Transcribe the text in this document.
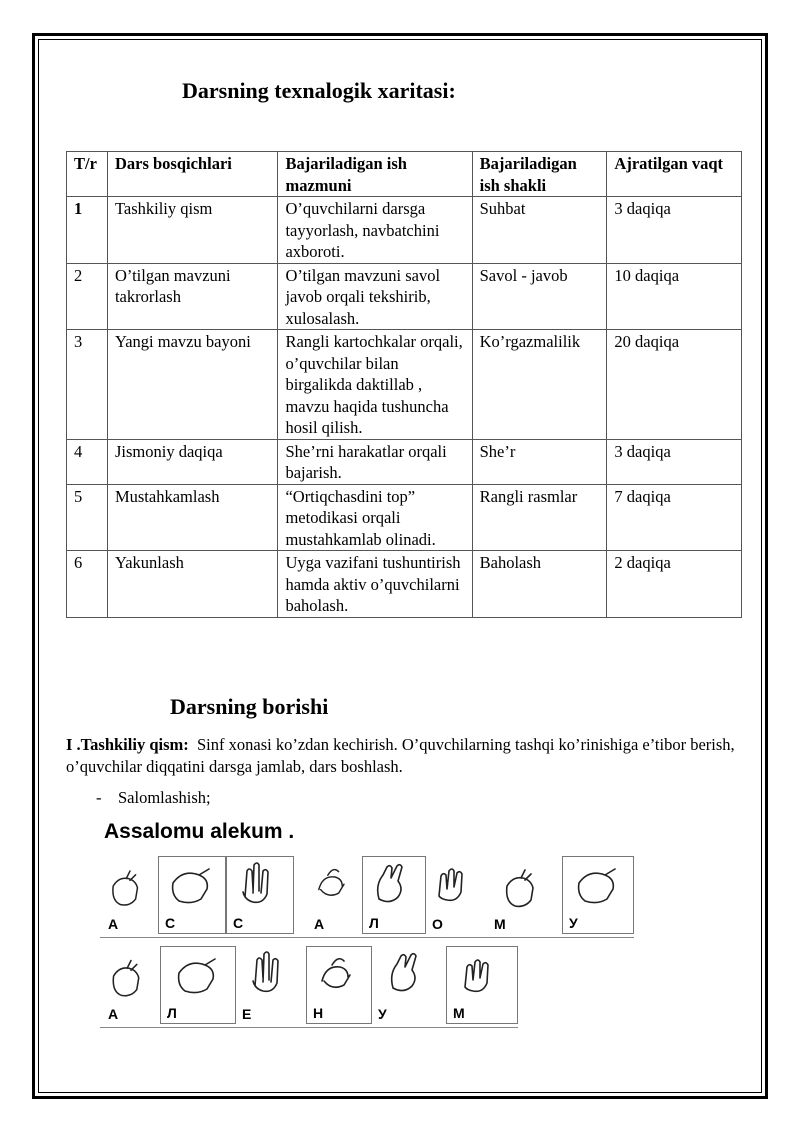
Darsning texnalogik xaritasi:
T/r	Dars bosqichlari	Bajariladigan ish mazmuni	Bajariladigan ish shakli	Ajratilgan vaqt
1	Tashkiliy qism	O’quvchilarni darsga tayyorlash, navbatchini axboroti.	Suhbat	3 daqiqa
2	O’tilgan mavzuni takrorlash	O’tilgan mavzuni savol javob orqali tekshirib, xulosalash.	Savol - javob	10 daqiqa
3	Yangi mavzu bayoni	Rangli kartochkalar orqali, o’quvchilar bilan birgalikda daktillab , mavzu haqida tushuncha hosil qilish.	Ko’rgazmalilik	20 daqiqa
4	Jismoniy daqiqa	She’rni harakatlar orqali bajarish.	She’r	3 daqiqa
5	Mustahkamlash	“Ortiqchasdini top” metodikasi orqali mustahkamlab olinadi.	Rangli rasmlar	7 daqiqa
6	Yakunlash	Uyga vazifani tushuntirish hamda aktiv o’quvchilarni baholash.	Baholash	2 daqiqa
Darsning borishi

I .Tashkiliy qism: Sinf xonasi ko’zdan kechirish. O’quvchilarning tashqi ko’rinishiga e’tibor berish, o’quvchilar diqqatini darsga jamlab, dars boshlash.

- Salomlashish;

Assalomu alekum .

А	С	С	А	Л	О	М	У
А	Л	Е	Н	У	М
